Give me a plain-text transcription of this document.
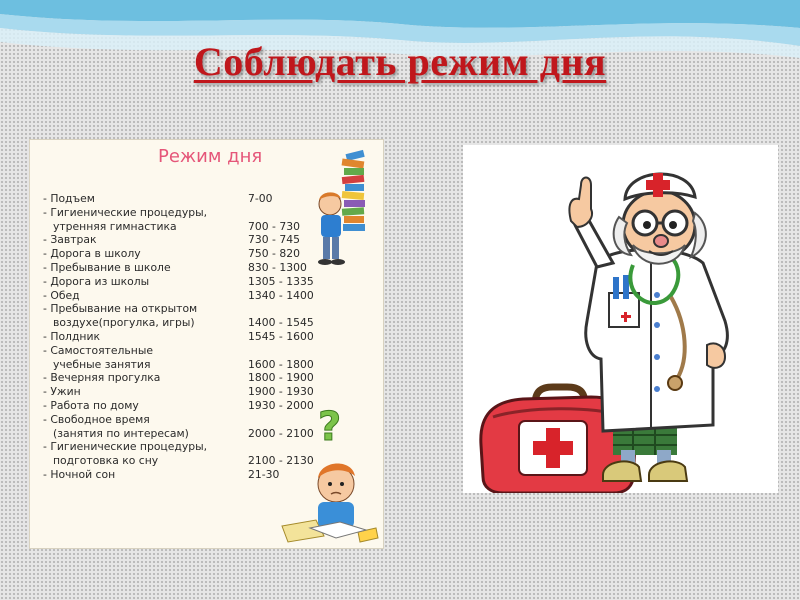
Соблюдать режим дня
Режим дня
- Подъем	7-00
- Гигиенические процедуры,
утренняя гимнастика	700 - 730
- Завтрак	730 - 745
- Дорога в школу	750 - 820
- Пребывание в школе	830 - 1300
- Дорога из школы	1305 - 1335
- Обед	1340 - 1400
- Пребывание на открытом
воздухе(прогулка, игры)	1400 - 1545
- Полдник	1545 - 1600
- Самостоятельные
учебные занятия	1600 - 1800
- Вечерняя прогулка	1800 - 1900
- Ужин	1900 - 1930
- Работа по дому	1930 - 2000
- Свободное время
(занятия по интересам)	2000 - 2100
- Гигиенические процедуры,
подготовка ко сну	2100 - 2130
- Ночной сон	21-30
?
